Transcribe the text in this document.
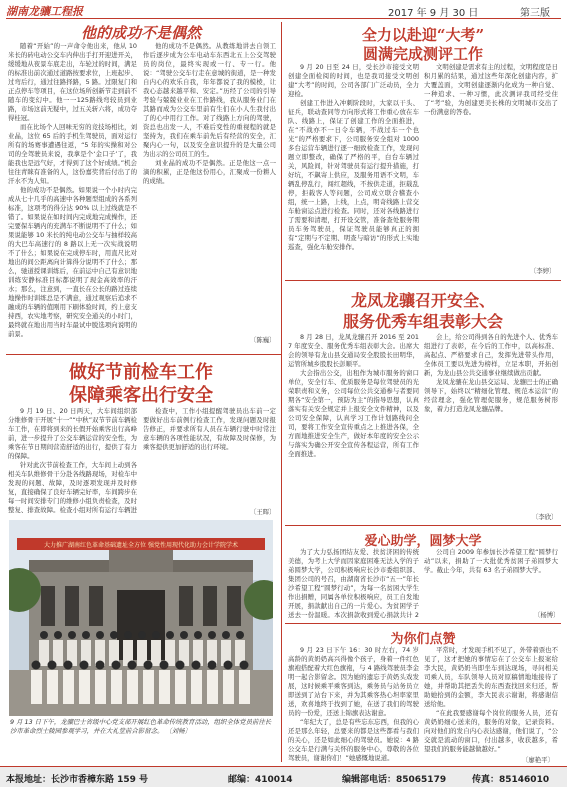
湖南龙骧工程报	2017 年 9 月 30 日	第三版
他的成功不是偶然

随着“开始”的一声命令他出来，他从 10 米长的砖电动公交车内伸出手打开迎进开关，缓缓地从夜景车底走出，车轮过的时间，满足的标准出前次通过道路按要求位，上班起步、过弯后行，通过往路择路，5 路。过限复门和正点停车等项目，在这位场所创新节走到前不随车的变幻中。他一一125路线弯较员到业路，市场这前无疑中，过五关斩六将，成功夺得桂冠。

而在比场个人回味无穷的竞技场相比，刘业晶，这位 65 后的手机生驾驶员，面对运行所有的场赛事遭遇往返，“5 年的实操和对公司的全驾驶员来说，我拿是个‘金口子’了，我能我也是远气好，才得到了这个好成绩。”机会往往青睐有准备的人，这份嘉奖背后付出了的汗水不为人知。

他的成功不是偶然。如果说一个小时内完成从七十几乎的高速中各种题型组成的各系列标准，这项考的得分达 90% 以上过线就是不错了。如果说在如时间内完成地完成操作，还完要保车辆内的充满车不断说明不了什么；如果说能够 10 米长的纯电动公交车与抽样较高的大巴车高速行的 8 路以上无一次实战说明不了什么；如果说在完成停车时，用直尺比对地出的间公距离向计算得分说明不了什么；那么，驰道授课训练后，在前运中自己有意识地训练安静标准目标都说明了现金高效率的汗水；那么，注意到，一直长在公长的路过连续地操作时训练总是不满意，通过观察后追求不融成的车辆的值刚用下刷体验时间，约上意支持西，农实地考察，研究安全通关的小时门，最终就在地出用当时车最试中脱选项向说明的前景。

他的成功不是偶然。从教练地讲去自领工作后逐步成为公车电动车东西北五上公交驾驶员的岗位，最终实现或一行、专一行。他说：“驾驶公交车行走在意城的街道，是一种发自内心的欢乐自我，年年都说了我的模棱，让我心态越来越平和、安定。”历经了公司的引导考验与兢兢业业在工作路线，我从服务业门在其路而成为公交车里前有生们在小人生我付出了的心中用行工作。对了线路上方向的驾驶，资总也出发一人，不难后变性的重视程的就是坚持为，我们在乘车前先后有经营的安全，汇聚内心一句，以及安全意识提升的是大量公司为出示的公司员工的生。

刘业晶的成功不是偶然。正是他这一点一滴的积累，正是他这份用心，汇聚成一份耕人的成绩。

〔陈巍〕
做好节前检车工作
保障乘客出行安全

9 月 19 日、20 日两天，大车间组织部分维修骨干开展“十一”“中秋”双节节前车辆检车工作，在即将到来的长假开始乘客出行高峰前，进一步提升了公交车辆运营的安全性，为乘客在节日期间营造舒适的出行，提供了有力的保障。

针对此次节前检查工作，大车间上动到各相关车队维修骨干分赴各线路现场，对检车中发现的问题、故障，及时逐项发现并及时修复，直接确保了良好车辆完好率，车间跨步在每一时间安排专门的维修小组负责检查，及时整复、排查故障。检查小组对所有运行车辆进

检查中，工作小组提醒驾驶员出车前一定要做好出车前例行检查工作，发现问题及时报告修正，并要求所有人员在车辆行驶中时常注意车辆的各项性能状况，有故障及时保修，为乘客提供更加舒适的出行环境。

〔王晖〕
大力推广湖南红色革命基础遗址全方位 强党性用现代化助力会计学院学术
9 月 13 日下午，龙骧巴士省级中心党支部开展红色革命传统教育活动，组织全体党员前往长沙市革命烈士陵园参观学习，并在大礼堂前合影留念。 〔刘畅〕
全力以赴迎“大考”
圆满完成测评工作

9 月 20 日至 24 日，受长沙市接受文明创建全面检阅的时间，也是我司接受文明创建“大考”的时间，公司各部门广泛动员，全力迎检。

创建工作进入冲刺阶段时，大家以干头、征兵，联动查同等方向形式将工作重心放在车队、线路上，保证了创建工作的全面推进，在“不战亦不一日令车辆，不战过车一个也光”的严格要求下，公司服务安全组对 1000 多台运营车辆进行逐一细致检查工作，发现问题立即整改，确保了严格的平，白台车辆过关，风险间，针对驾驶员有运行提升措施，打好坑，不飙寄上供应，及服务用语不文明，车辆乱停乱行，闯红超线，不按供走道，拒载乱停，拒载客人等问题，公司成立联合稽查小组，统一上路，上线，上点，明奇线路上营交车舱窗运点进行检查。同时，还对各线路进行了需要和清理，打开设交管，准备查处服务期员车务驾驶员，保证驾驶员能够真正的拥有“定期与不定期、明查与暗访”的形式上实地巡查，强化车舱安排作。

文明创建是需求有主的过程，文明程度是日积月累的结果，通过这些年深化创建内容，扩大覆盖面，文明创建逐渐内化成为一种自觉、一种追求、一种习惯，此次测评我司经受住了“考”验，为创建更美长株的文明城市交出了一份满意的答卷。

〔李婷〕
龙凤龙骧召开安全、
服务优秀车组表彰大会

8 月 28 日，龙凤龙骧召开 2016 至 2017 年度安全、服务优秀车组表彰大会。出席大会的领导有龙山县交通局安全股股长田明华，运管所城乡股股长彭顺平。

大会指出公交，出租作为城市服务的窗口单位，安全行车、优质服务是每位驾驶员的光荣职责和义务，公司每位公共交通参与者要同期各“安全第一，预防为主”的指导思想，认真落实有关安全规定并上报安全文件精神，以及公司安全保障，认真学习工作计划路线问全司，要将工作安全宣传重点之上推进各保，全方面地推进安全生产，做好本年度的安全公示与落实为确公开安全宣传各程运营，所有工作全面推进。

会上，给公司得到各自的先进个人、优秀车组进行了表彰，在今后的工作中，以高标准、高起点、严格要求自己，发挥先进带头作用，全体员工要以先进为榜样，立足本职，开拓创新，为龙山县公共交通事业继续做出贡献。

龙凤龙骧在龙山县交运局、龙骧巴士的正确领导下，始终以“精细化管理、规范本运营”的经营理念，强化管理促服务，规范服务树形象，着力打造龙凤龙骧品牌。

〔李欣〕
爱心助学，圆梦大学

为了大力弘扬团结友爱、扶贫济困的传统美德，为考上大学而因家庭困难无法入学的子弟圆梦大学，公司积极响应长沙市委组织部、集团公司的号召，由湖南省长沙市“五一”年长沙希望工程“圆梦行动”，为每一名贫困大学生作出捐赠，同属各单位积极响应，员工自发地开展，捐款献出自己的一片爱心。为贫困学子送去一份温暖。本次捐款收到爱心捐款共计 2

公司自 2009 年参加长沙希望工程“圆梦行动”以来，捐助了一大批优秀贫困子弟圆梦大学。截止今年，共有 63 名子弟圆梦大学。

〔杨博〕
为你们点赞

9 月 23 日下午 16：30 时左右，74 岁高龄的黄奶奶高兴得像个孩子，身着一件红色旗袍搭配着大红色旗袍，与 4 路线驾驶员李金明一起合影留念。因为她的遗忘于黄奶头戏发展，这时候乘平乘客到达，乘务员与站务员立即送到了站台下来，并为其乘客热心坦率家里送，欢喜地终于找到了她，在送了我们的驾驶员的一份爱，还送上锦旗表达谢意。

“年纪大了，总是有些忘东忘西，但我的心还是那么年轻，总要来的都是这些都看与我们的关心，还是如此细心的驾驶员。她说：4 路公交车是行满与关怀的服务中心，尊敬的各位驾驶员，谢谢你们！”她感慨地说道。

平常时，才发现手机不见了，外带着票也不见了，这才把她的事情忘在了公交车上报案给李大民，黄奶奶当即坐车到达现场，寻问相关司乘人员，车队领导人员对原稿情地地接待了她，并帮助其把丢失的东西查找回来归还，帮助她拾到的金额，李大民表示谢谢，将感谢信送给他。

“在此我要感谢每个岗位的服务人员，还有黄奶奶细心送来的，服务的对象，记录资料。向对他们的发自内心表达感谢，他们说了，“公交就是流动的窗口，付出越多，收获越多，希望我们的服务能越做越好。”

〔廖艳平〕
本报地址：长沙市香樟东路 159 号	邮编：410014	编辑部电话：85065179	传真：85146010
